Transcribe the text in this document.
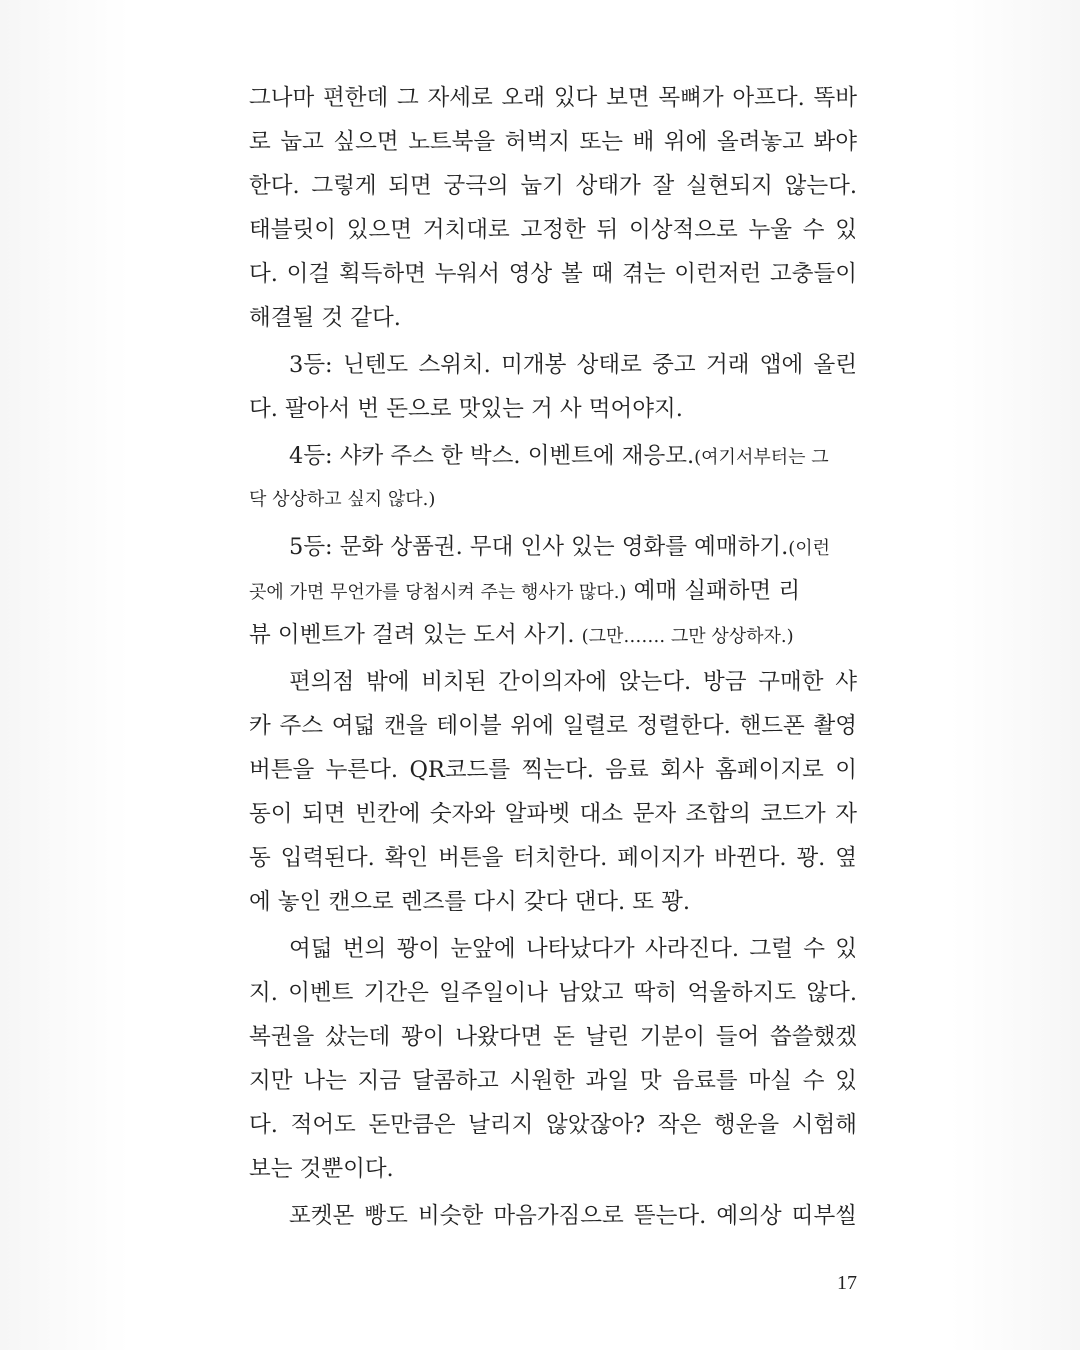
그나마 편한데 그 자세로 오래 있다 보면 목뼈가 아프다. 똑바
로 눕고 싶으면 노트북을 허벅지 또는 배 위에 올려놓고 봐야
한다. 그렇게 되면 궁극의 눕기 상태가 잘 실현되지 않는다.
태블릿이 있으면 거치대로 고정한 뒤 이상적으로 누울 수 있
다. 이걸 획득하면 누워서 영상 볼 때 겪는 이런저런 고충들이
해결될 것 같다.
3등: 닌텐도 스위치. 미개봉 상태로 중고 거래 앱에 올린
다. 팔아서 번 돈으로 맛있는 거 사 먹어야지.
4등: 샤카 주스 한 박스. 이벤트에 재응모.(여기서부터는 그
닥 상상하고 싶지 않다.)
5등: 문화 상품권. 무대 인사 있는 영화를 예매하기.(이런
곳에 가면 무언가를 당첨시켜 주는 행사가 많다.) 예매 실패하면 리
뷰 이벤트가 걸려 있는 도서 사기. (그만……. 그만 상상하자.)
편의점 밖에 비치된 간이의자에 앉는다. 방금 구매한 샤
카 주스 여덟 캔을 테이블 위에 일렬로 정렬한다. 핸드폰 촬영
버튼을 누른다. QR코드를 찍는다. 음료 회사 홈페이지로 이
동이 되면 빈칸에 숫자와 알파벳 대소 문자 조합의 코드가 자
동 입력된다. 확인 버튼을 터치한다. 페이지가 바뀐다. 꽝. 옆
에 놓인 캔으로 렌즈를 다시 갖다 댄다. 또 꽝.
여덟 번의 꽝이 눈앞에 나타났다가 사라진다. 그럴 수 있
지. 이벤트 기간은 일주일이나 남았고 딱히 억울하지도 않다.
복권을 샀는데 꽝이 나왔다면 돈 날린 기분이 들어 씁쓸했겠
지만 나는 지금 달콤하고 시원한 과일 맛 음료를 마실 수 있
다. 적어도 돈만큼은 날리지 않았잖아? 작은 행운을 시험해
보는 것뿐이다.
포켓몬 빵도 비슷한 마음가짐으로 뜯는다. 예의상 띠부씰
17
